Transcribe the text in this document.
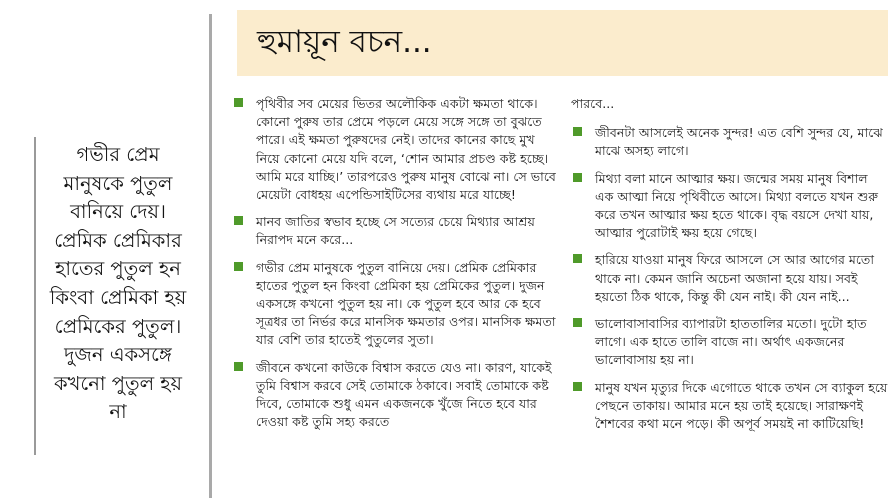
গভীর প্রেম মানুষকে পুতুল বানিয়ে দেয়। প্রেমিক প্রেমিকার হাতের পুতুল হন কিংবা প্রেমিকা হয় প্রেমিকের পুতুল। দুজন একসঙ্গে কখনো পুতুল হয় না

হুমায়ূন বচন...
পৃথিবীর সব মেয়ের ভিতর অলৌকিক একটা ক্ষমতা থাকে। কোনো পুরুষ তার প্রেমে পড়লে মেয়ে সঙ্গে সঙ্গে তা বুঝতে পারে। এই ক্ষমতা পুরুষদের নেই। তাদের কানের কাছে মুখ নিয়ে কোনো মেয়ে যদি বলে, ‘শোন আমার প্রচণ্ড কষ্ট হচ্ছে। আমি মরে যাচ্ছি।’ তারপরেও পুরুষ মানুষ বোঝে না। সে ভাবে মেয়েটা বোধহয় এপেন্ডিসাইটিসের ব্যথায় মরে যাচ্ছে!
মানব জাতির স্বভাব হচ্ছে সে সত্যের চেয়ে মিথ্যার আশ্রয় নিরাপদ মনে করে...
গভীর প্রেম মানুষকে পুতুল বানিয়ে দেয়। প্রেমিক প্রেমিকার হাতের পুতুল হন কিংবা প্রেমিকা হয় প্রেমিকের পুতুল। দুজন একসঙ্গে কখনো পুতুল হয় না। কে পুতুল হবে আর কে হবে সূত্রধর তা নির্ভর করে মানসিক ক্ষমতার ওপর। মানসিক ক্ষমতা যার বেশি তার হাতেই পুতুলের সুতা।
জীবনে কখনো কাউকে বিশ্বাস করতে যেও না। কারণ, যাকেই তুমি বিশ্বাস করবে সেই তোমাকে ঠকাবে। সবাই তোমাকে কষ্ট দিবে, তোমাকে শুধু এমন একজনকে খুঁজে নিতে হবে যার দেওয়া কষ্ট তুমি সহ্য করতে
পারবে...
জীবনটা আসলেই অনেক সুন্দর! এত বেশি সুন্দর যে, মাঝে মাঝে অসহ্য লাগে।
মিথ্যা বলা মানে আত্মার ক্ষয়। জন্মের সময় মানুষ বিশাল এক আত্মা নিয়ে পৃথিবীতে আসে। মিথ্যা বলতে যখন শুরু করে তখন আত্মার ক্ষয় হতে থাকে। বৃদ্ধ বয়সে দেখা যায়, আত্মার পুরোটাই ক্ষয় হয়ে গেছে।
হারিয়ে যাওয়া মানুষ ফিরে আসলে সে আর আগের মতো থাকে না। কেমন জানি অচেনা অজানা হয়ে যায়। সবই হয়তো ঠিক থাকে, কিন্তু কী যেন নাই। কী যেন নাই...
ভালোবাসাবাসির ব্যাপারটা হাততালির মতো। দুটো হাত লাগে। এক হাতে তালি বাজে না। অর্থাৎ একজনের ভালোবাসায় হয় না।
মানুষ যখন মৃত্যুর দিকে এগোতে থাকে তখন সে ব্যাকুল হয়ে পেছনে তাকায়। আমার মনে হয় তাই হয়েছে। সারাক্ষণই শৈশবের কথা মনে পড়ে। কী অপূর্ব সময়ই না কাটিয়েছি!
